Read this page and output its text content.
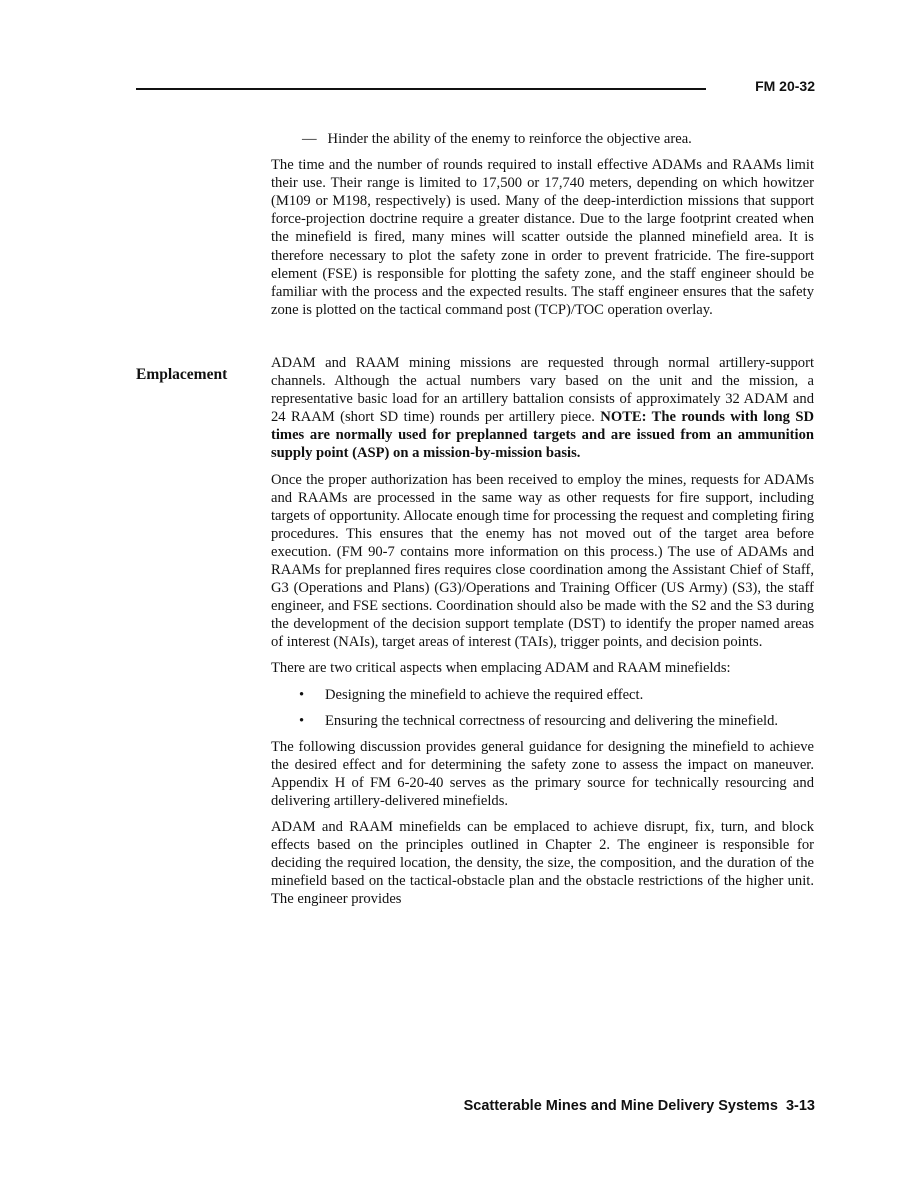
FM 20-32
Emplacement
— Hinder the ability of the enemy to reinforce the objective area.

The time and the number of rounds required to install effective ADAMs and RAAMs limit their use. Their range is limited to 17,500 or 17,740 meters, depending on which howitzer (M109 or M198, respectively) is used. Many of the deep-interdiction missions that support force-projection doctrine require a greater distance. Due to the large footprint created when the minefield is fired, many mines will scatter outside the planned minefield area. It is therefore necessary to plot the safety zone in order to prevent fratricide. The fire-support element (FSE) is responsible for plotting the safety zone, and the staff engineer should be familiar with the process and the expected results. The staff engineer ensures that the safety zone is plotted on the tactical command post (TCP)/TOC operation overlay.

ADAM and RAAM mining missions are requested through normal artillery-support channels. Although the actual numbers vary based on the unit and the mission, a representative basic load for an artillery battalion consists of approximately 32 ADAM and 24 RAAM (short SD time) rounds per artillery piece. NOTE: The rounds with long SD times are normally used for preplanned targets and are issued from an ammunition supply point (ASP) on a mission-by-mission basis.

Once the proper authorization has been received to employ the mines, requests for ADAMs and RAAMs are processed in the same way as other requests for fire support, including targets of opportunity. Allocate enough time for processing the request and completing firing procedures. This ensures that the enemy has not moved out of the target area before execution. (FM 90-7 contains more information on this process.) The use of ADAMs and RAAMs for preplanned fires requires close coordination among the Assistant Chief of Staff, G3 (Operations and Plans) (G3)/Operations and Training Officer (US Army) (S3), the staff engineer, and FSE sections. Coordination should also be made with the S2 and the S3 during the development of the decision support template (DST) to identify the proper named areas of interest (NAIs), target areas of interest (TAIs), trigger points, and decision points.

There are two critical aspects when emplacing ADAM and RAAM minefields:

• Designing the minefield to achieve the required effect.
• Ensuring the technical correctness of resourcing and delivering the minefield.

The following discussion provides general guidance for designing the minefield to achieve the desired effect and for determining the safety zone to assess the impact on maneuver. Appendix H of FM 6-20-40 serves as the primary source for technically resourcing and delivering artillery-delivered minefields.

ADAM and RAAM minefields can be emplaced to achieve disrupt, fix, turn, and block effects based on the principles outlined in Chapter 2. The engineer is responsible for deciding the required location, the density, the size, the composition, and the duration of the minefield based on the tactical-obstacle plan and the obstacle restrictions of the higher unit. The engineer provides

Scatterable Mines and Mine Delivery Systems 3-13
